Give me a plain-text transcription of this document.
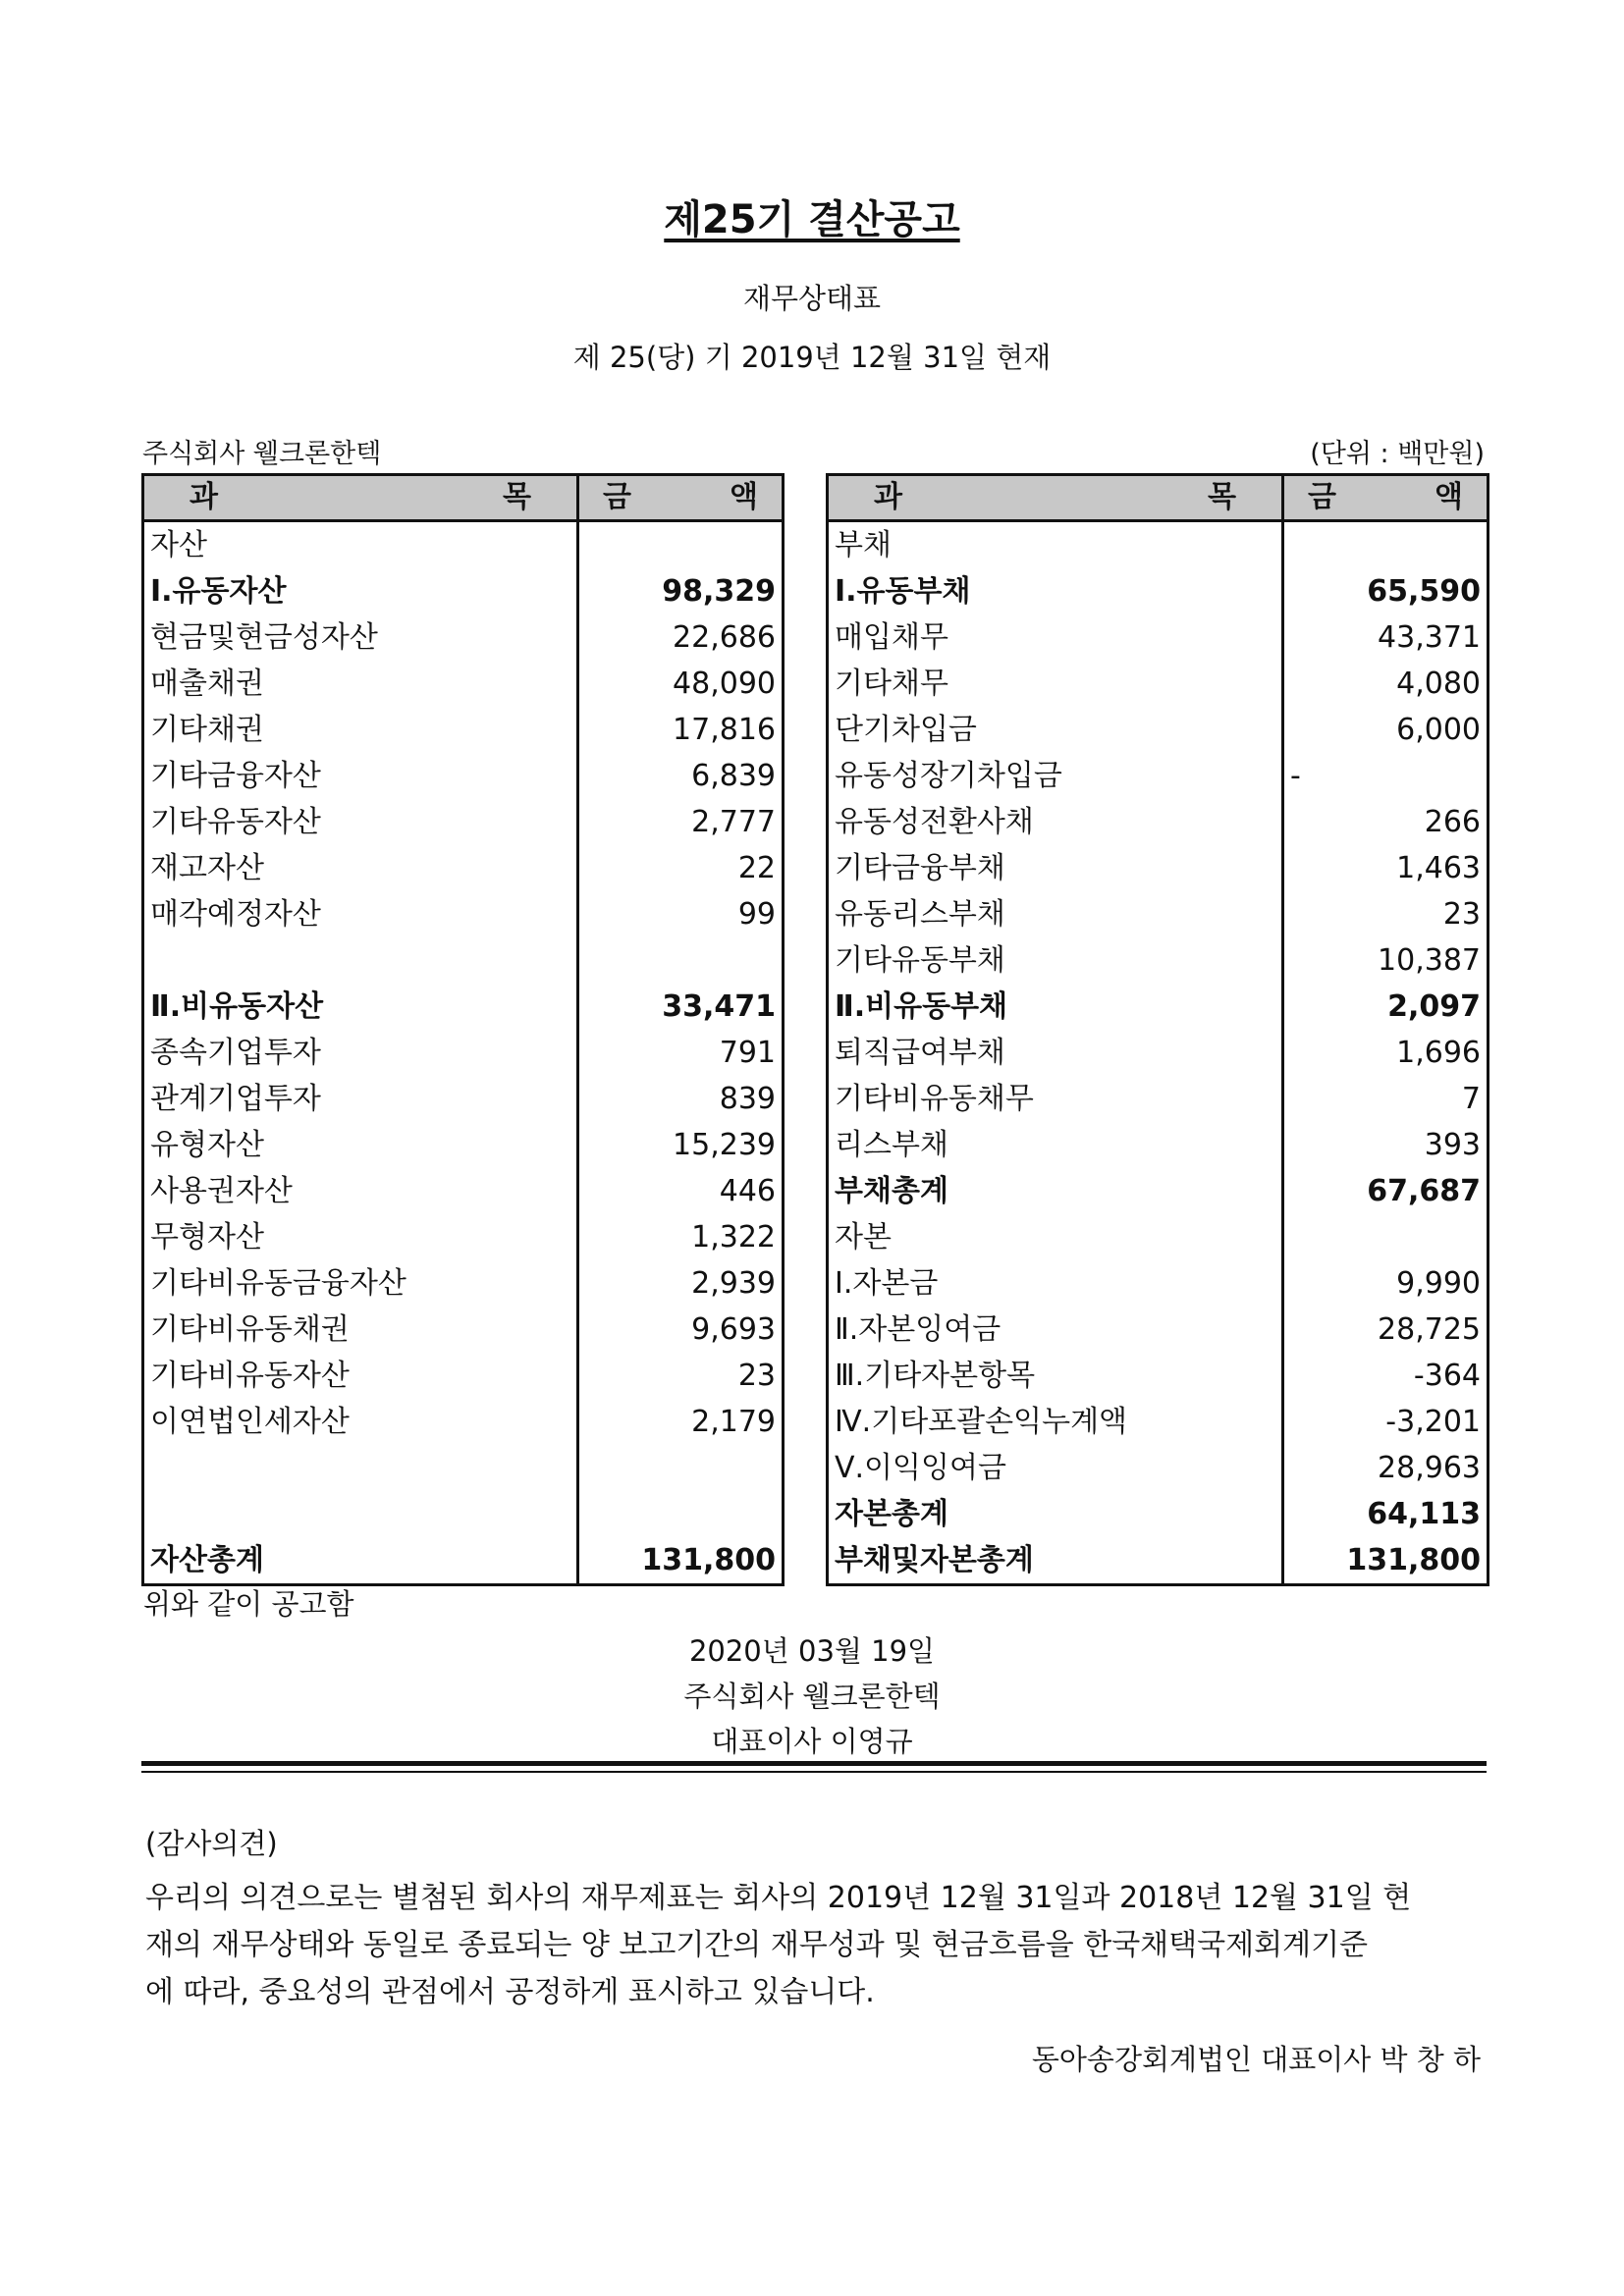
제25기 결산공고
재무상태표
제 25(당) 기 2019년 12월 31일 현재
주식회사 웰크론한텍	(단위 : 백만원)
과 목	금 액

자산	
Ⅰ.유동자산	98,329
현금및현금성자산	22,686
매출채권	48,090
기타채권	17,816
기타금융자산	6,839
기타유동자산	2,777
재고자산	22
매각예정자산	99

Ⅱ.비유동자산	33,471
종속기업투자	791
관계기업투자	839
유형자산	15,239
사용권자산	446
무형자산	1,322
기타비유동금융자산	2,939
기타비유동채권	9,693
기타비유동자산	23
이연법인세자산	2,179

자산총계	131,800
과 목	금 액

부채	
Ⅰ.유동부채	65,590
매입채무	43,371
기타채무	4,080
단기차입금	6,000
유동성장기차입금	-
유동성전환사채	266
기타금융부채	1,463
유동리스부채	23
기타유동부채	10,387
Ⅱ.비유동부채	2,097
퇴직급여부채	1,696
기타비유동채무	7
리스부채	393
부채총계	67,687
자본	
Ⅰ.자본금	9,990
Ⅱ.자본잉여금	28,725
Ⅲ.기타자본항목	-364
Ⅳ.기타포괄손익누계액	-3,201
Ⅴ.이익잉여금	28,963
자본총계	64,113
부채및자본총계	131,800
위와 같이 공고함
2020년 03월 19일
주식회사 웰크론한텍
대표이사 이영규
(감사의견)
우리의 의견으로는 별첨된 회사의 재무제표는 회사의 2019년 12월 31일과 2018년 12월 31일 현
재의 재무상태와 동일로 종료되는 양 보고기간의 재무성과 및 현금흐름을 한국채택국제회계기준
에 따라, 중요성의 관점에서 공정하게 표시하고 있습니다.
동아송강회계법인 대표이사 박 창 하
